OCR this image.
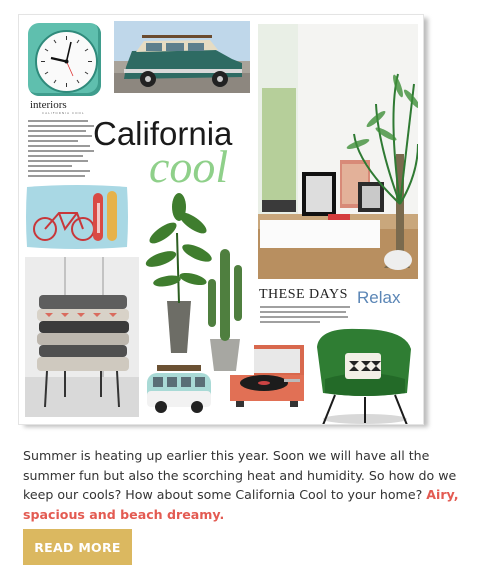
interiors
CALIFORNIA COOL
California
cool
THESE DAYS Relax
Summer is heating up earlier this year. Soon we will have all the summer fun but also the scorching heat and humidity. So how do we keep our cools? How about some California Cool to your home? Airy, spacious and beach dreamy.
READ MORE
